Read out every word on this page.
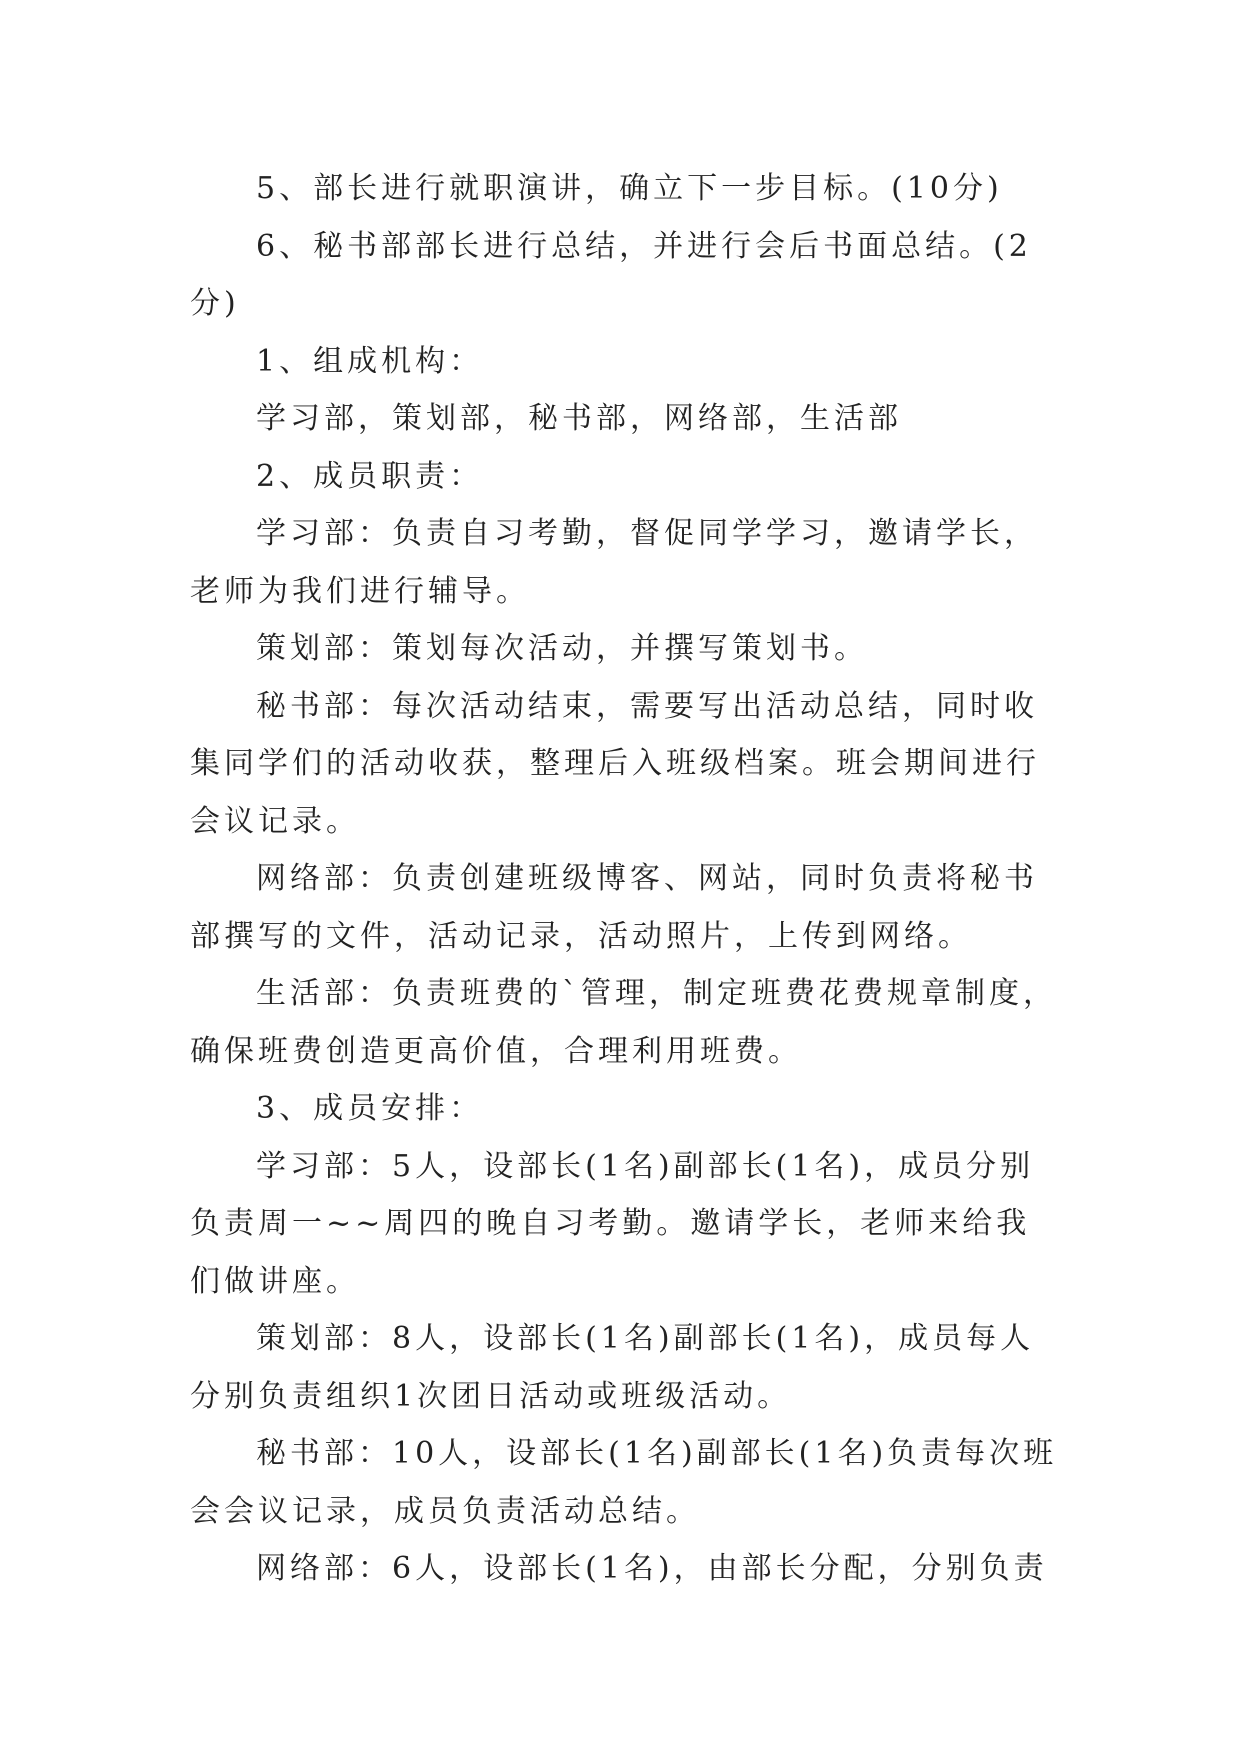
5、部长进行就职演讲，确立下一步目标。(10分)

6、秘书部部长进行总结，并进行会后书面总结。(2分)

1、组成机构：

学习部，策划部，秘书部，网络部，生活部

2、成员职责：

学习部：负责自习考勤，督促同学学习，邀请学长，老师为我们进行辅导。

策划部：策划每次活动，并撰写策划书。

秘书部：每次活动结束，需要写出活动总结，同时收集同学们的活动收获，整理后入班级档案。班会期间进行会议记录。

网络部：负责创建班级博客、网站，同时负责将秘书部撰写的文件，活动记录，活动照片，上传到网络。

生活部：负责班费的`管理，制定班费花费规章制度，确保班费创造更高价值，合理利用班费。

3、成员安排：

学习部：5人，设部长(1名)副部长(1名)，成员分别负责周一~~周四的晚自习考勤。邀请学长，老师来给我们做讲座。

策划部：8人，设部长(1名)副部长(1名)，成员每人分别负责组织1次团日活动或班级活动。

秘书部：10人，设部长(1名)副部长(1名)负责每次班会会议记录，成员负责活动总结。

网络部：6人，设部长(1名)，由部长分配，分别负责
